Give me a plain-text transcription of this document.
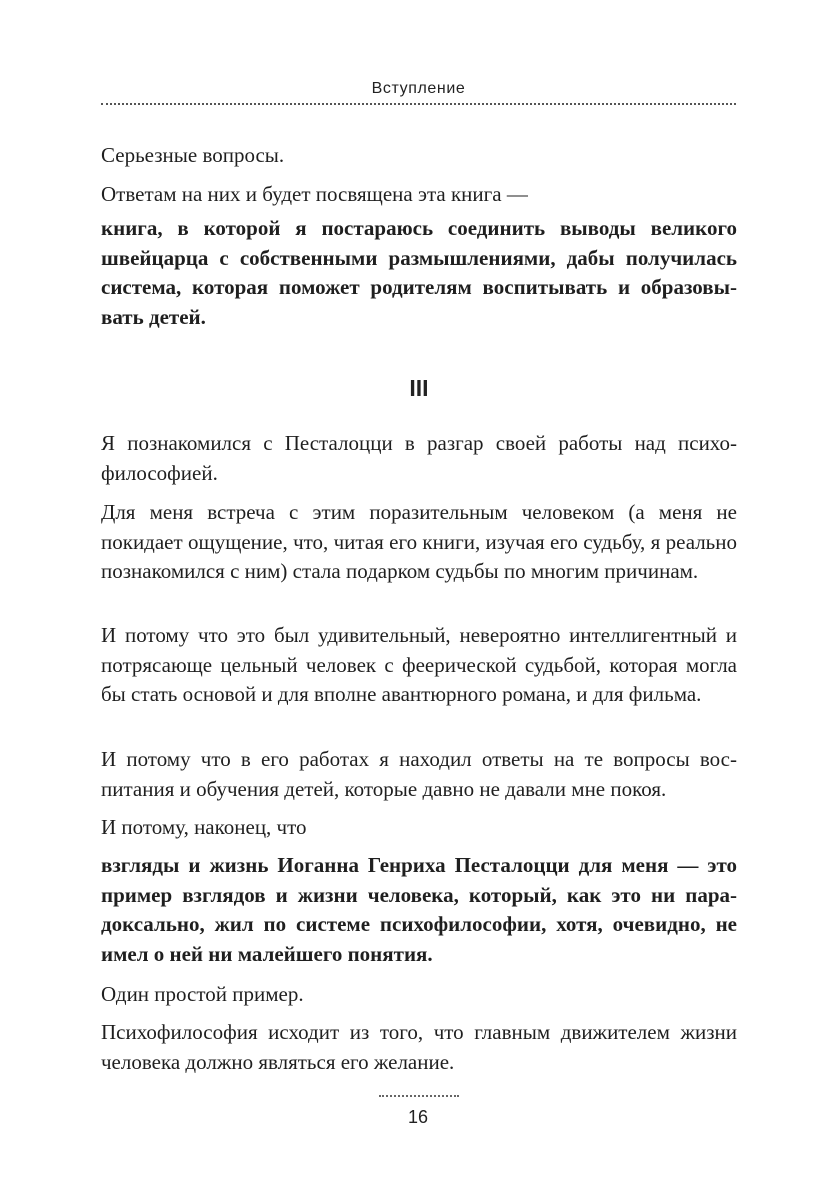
Вступление

Серьезные вопросы.

Ответам на них и будет посвящена эта книга —

книга, в которой я постараюсь соединить выводы великого швейцарца с собственными размышлениями, дабы получилась система, которая поможет родителям воспитывать и образовы- вать детей.

III

Я познакомился с Песталоцци в разгар своей работы над психо- философией.

Для меня встреча с этим поразительным человеком (а меня не покидает ощущение, что, читая его книги, изучая его судьбу, я реально познакомился с ним) стала подарком судьбы по многим причинам.

И потому что это был удивительный, невероятно интеллигентный и потрясающе цельный человек с феерической судьбой, которая могла бы стать основой и для вполне авантюрного романа, и для фильма.

И потому что в его работах я находил ответы на те вопросы вос- питания и обучения детей, которые давно не давали мне покоя.

И потому, наконец, что

взгляды и жизнь Иоганна Генриха Песталоцци для меня — это пример взглядов и жизни человека, который, как это ни пара- доксально, жил по системе психофилософии, хотя, очевидно, не имел о ней ни малейшего понятия.

Один простой пример.

Психофилософия исходит из того, что главным движителем жизни человека должно являться его желание.

16
